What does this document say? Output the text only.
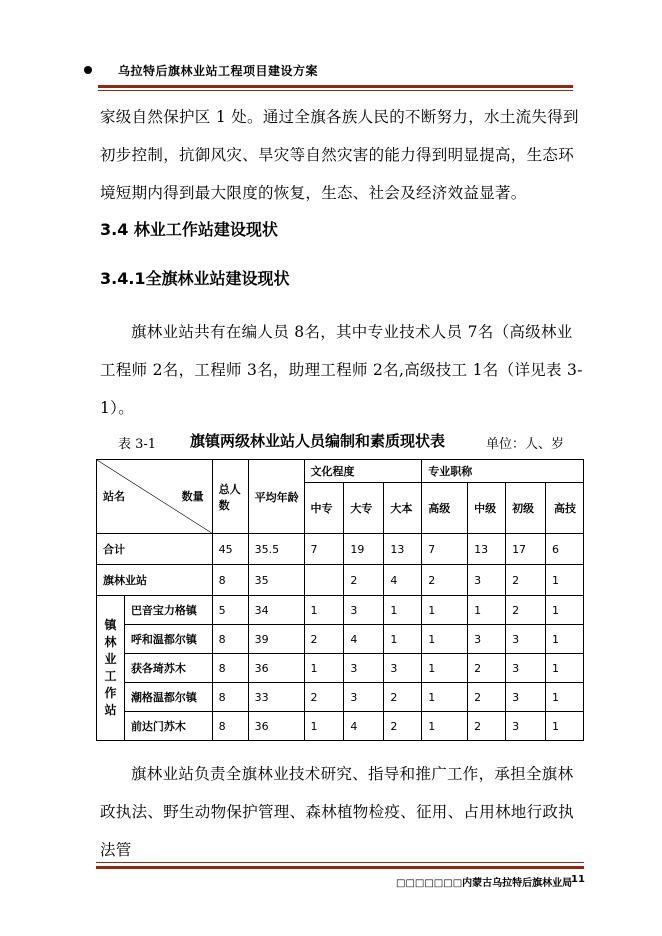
乌拉特后旗林业站工程项目建设方案
家级自然保护区 1 处。通过全旗各族人民的不断努力，水土流失得到初步控制，抗御风灾、旱灾等自然灾害的能力得到明显提高，生态环境短期内得到最大限度的恢复，生态、社会及经济效益显著。
3.4 林业工作站建设现状
3.4.1全旗林业站建设现状
旗林业站共有在编人员 8名，其中专业技术人员 7名（高级林业工程师 2名，工程师 3名，助理工程师 2名,高级技工 1名（详见表 3-1）。
表 3-1 旗镇两级林业站人员编制和素质现状表	单位：人、岁
站名 数量		总人数	平均年龄	文化程度			专业职称			
				中专	大专	大本	高级	中级	初级	高技
合计		45	35.5	7	19	13	7	13	17	6
旗林业站		8	35		2	4	2	3	2	1

镇林业工作站	巴音宝力格镇	5	34	1	3	1	1	1	2	1
	呼和温都尔镇	8	39	2	4	1	1	3	3	1
	获各琦苏木	8	36	1	3	3	1	2	3	1
	潮格温都尔镇	8	33	2	3	2	1	2	3	1
	前达门苏木	8	36	1	4	2	1	2	3	1
旗林业站负责全旗林业技术研究、指导和推广工作，承担全旗林政执法、野生动物保护管理、森林植物检疫、征用、占用林地行政执法管
□□□□□□□内蒙古乌拉特后旗林业局
11
